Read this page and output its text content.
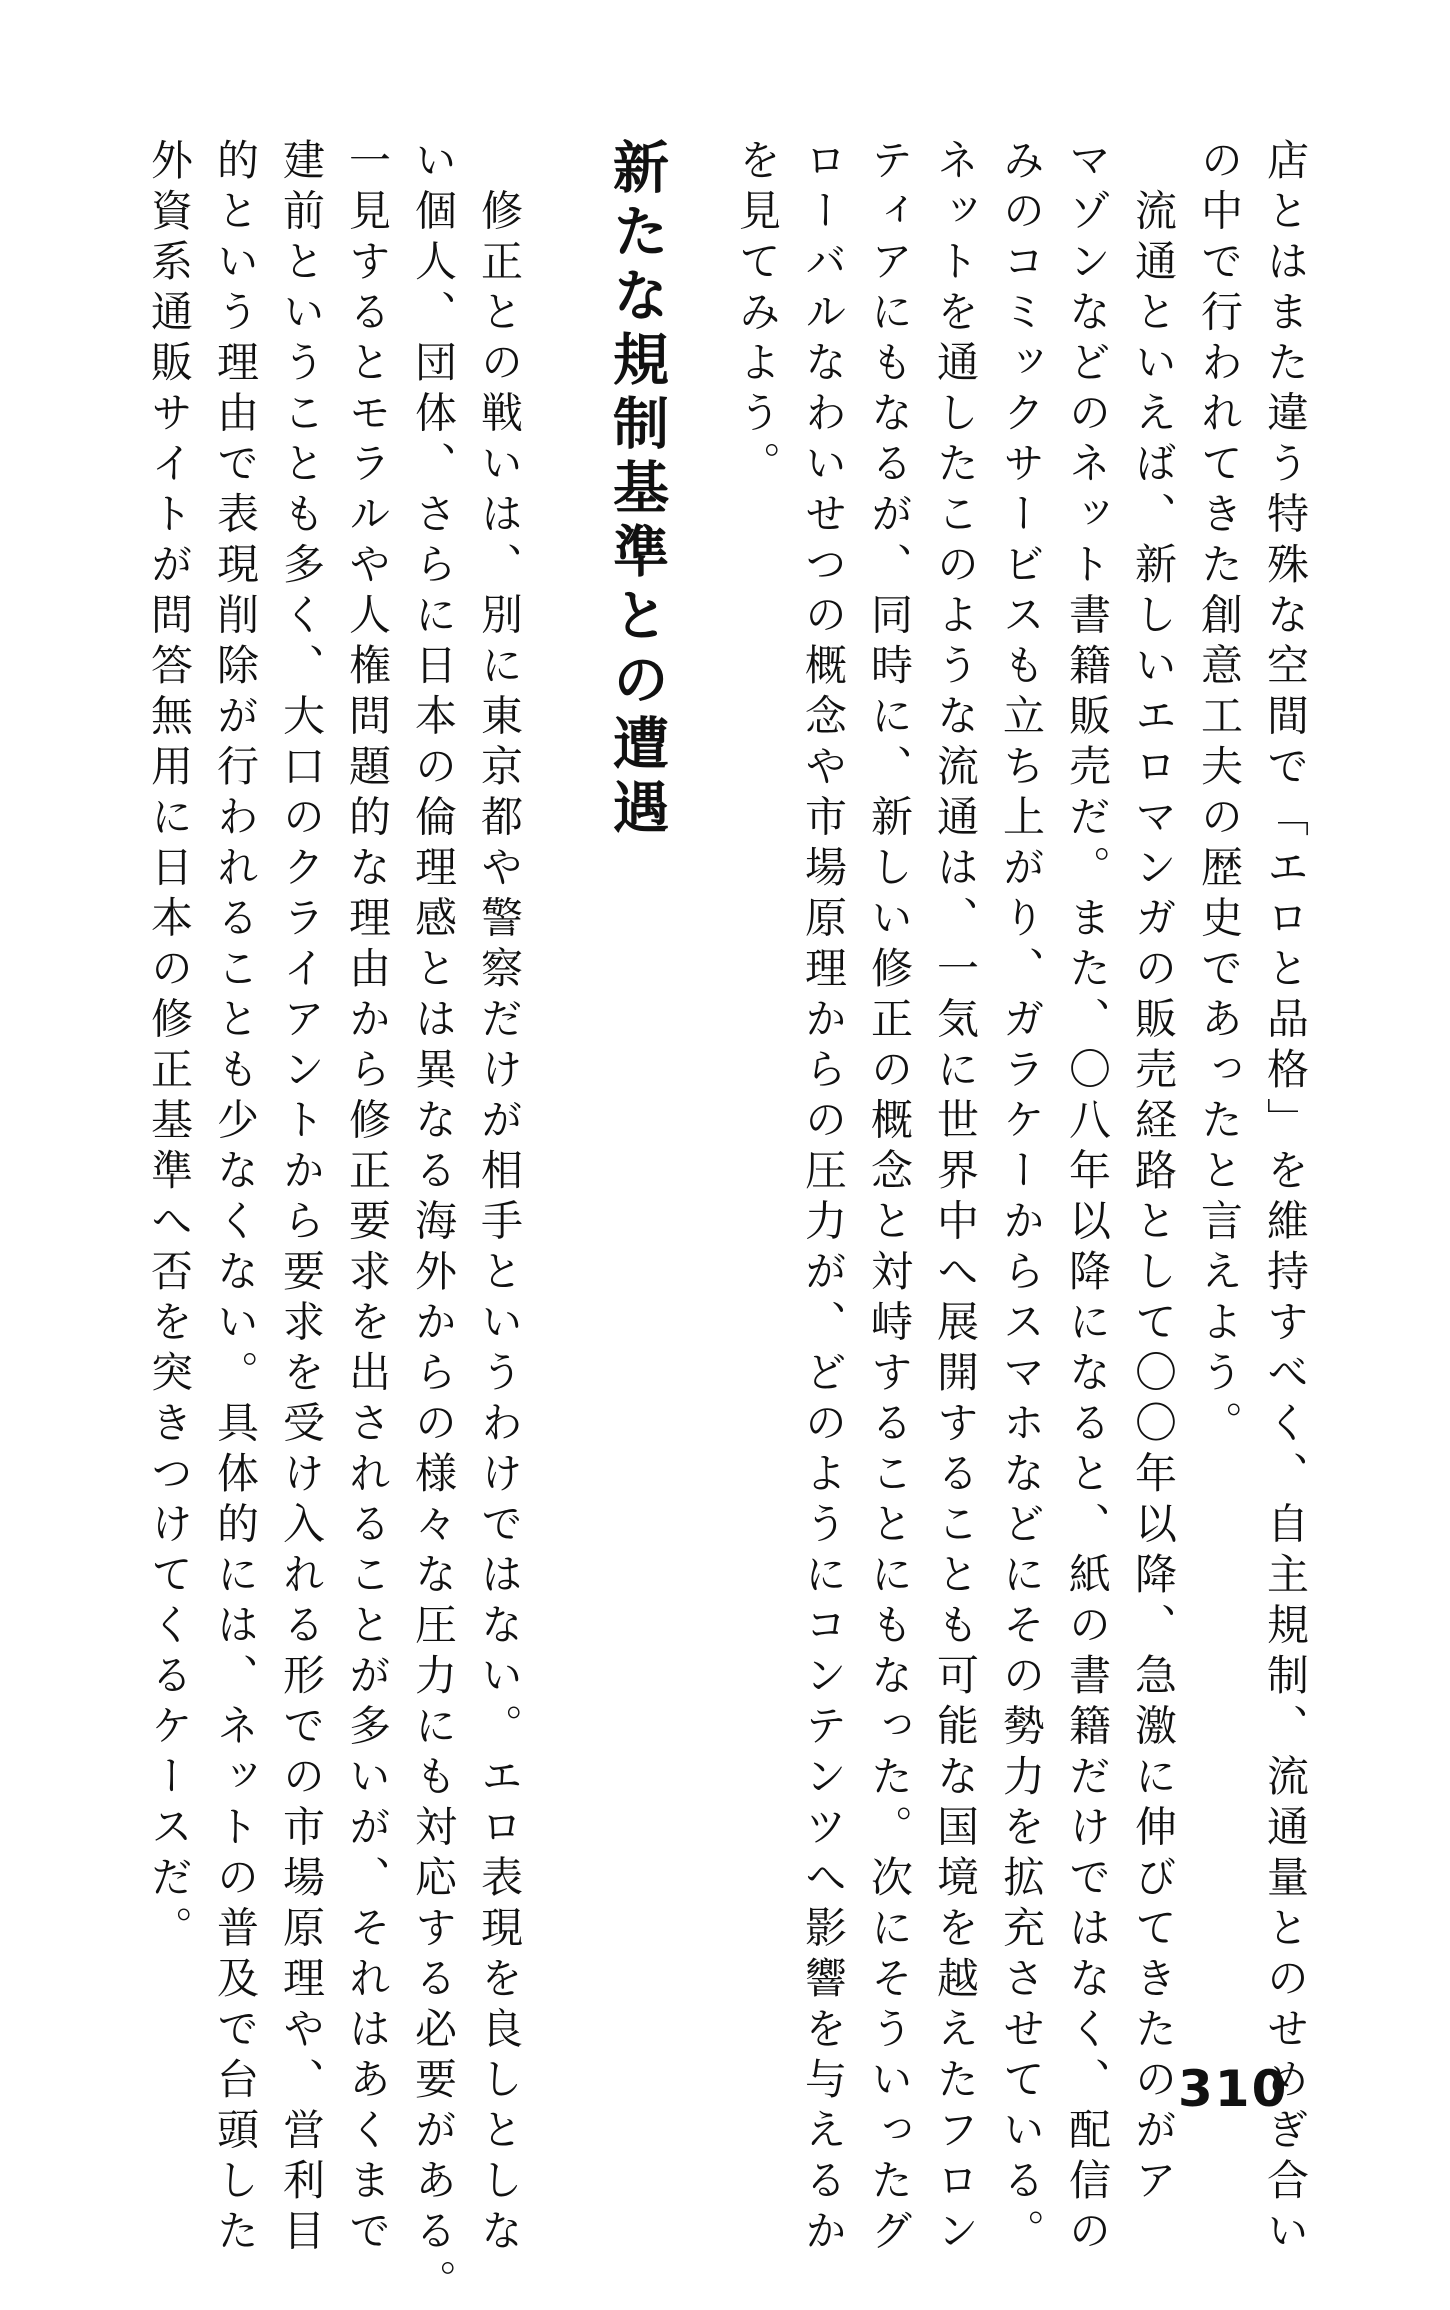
店とはまた違う特殊な空間で「エロと品格」を維持すべく、自主規制、流通量とのせめぎ合い
の中で行われてきた創意工夫の歴史であったと言えよう。
　流通といえば、新しいエロマンガの販売経路として〇〇年以降、急激に伸びてきたのがア
マゾンなどのネット書籍販売だ。また、〇八年以降になると、紙の書籍だけではなく、配信の
みのコミックサービスも立ち上がり、ガラケーからスマホなどにその勢力を拡充させている。
ネットを通したこのような流通は、一気に世界中へ展開することも可能な国境を越えたフロン
ティアにもなるが、同時に、新しい修正の概念と対峙することにもなった。次にそういったグ
ローバルなわいせつの概念や市場原理からの圧力が、どのようにコンテンツへ影響を与えるか
を見てみよう。
新たな規制基準との遭遇
　修正との戦いは、別に東京都や警察だけが相手というわけではない。エロ表現を良しとしな
い個人、団体、さらに日本の倫理感とは異なる海外からの様々な圧力にも対応する必要がある。
一見するとモラルや人権問題的な理由から修正要求を出されることが多いが、それはあくまで
建前ということも多く、大口のクライアントから要求を受け入れる形での市場原理や、営利目
的という理由で表現削除が行われることも少なくない。具体的には、ネットの普及で台頭した
外資系通販サイトが問答無用に日本の修正基準へ否を突きつけてくるケースだ。
310
